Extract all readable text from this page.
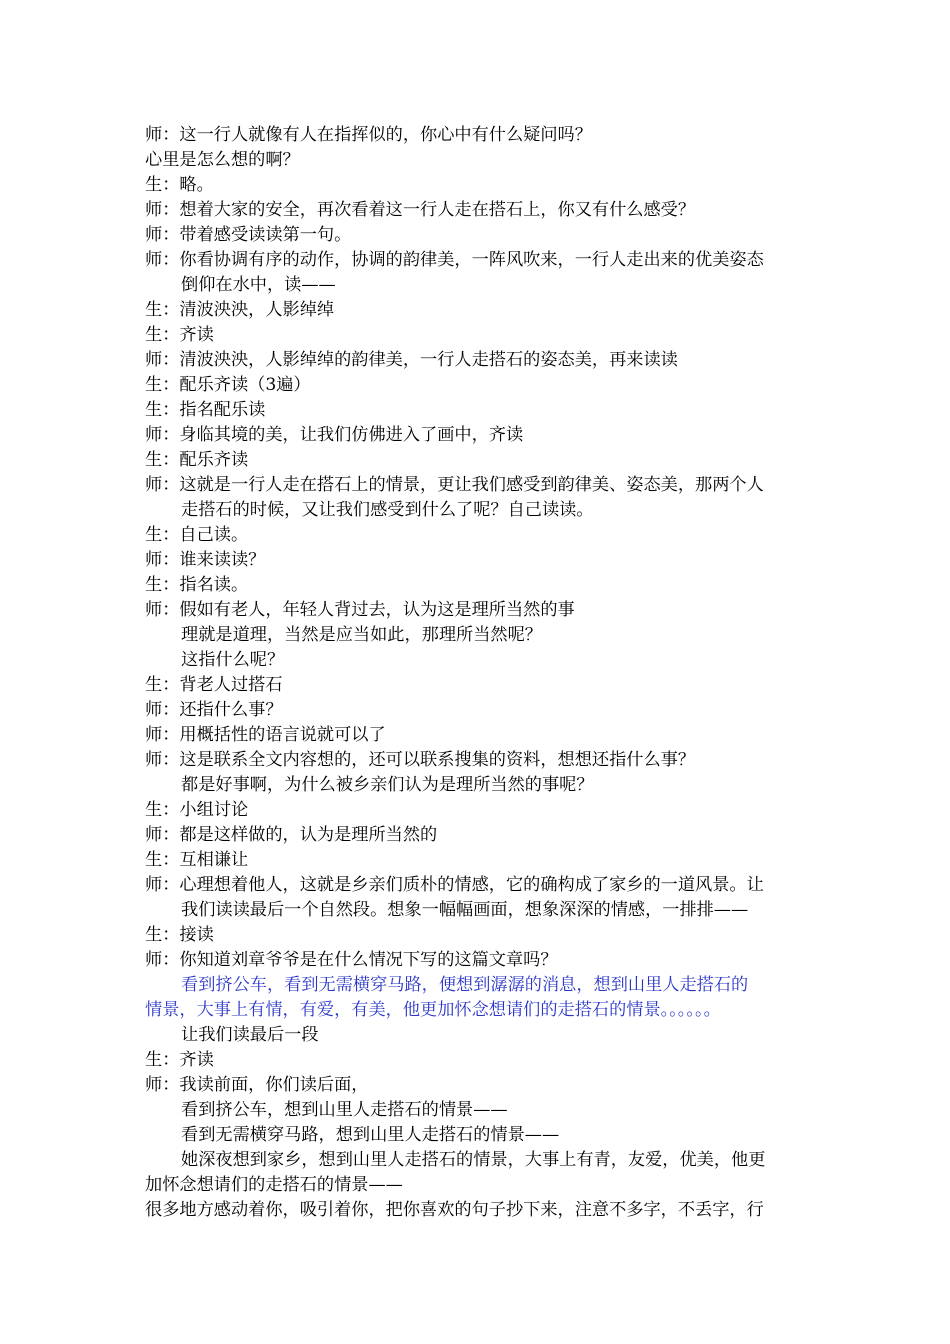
师：这一行人就像有人在指挥似的，你心中有什么疑问吗？
心里是怎么想的啊？
生：略。
师：想着大家的安全，再次看着这一行人走在搭石上，你又有什么感受？
师：带着感受读读第一句。
师：你看协调有序的动作，协调的韵律美，一阵风吹来，一行人走出来的优美姿态
倒仰在水中，读——
生：清波泱泱，人影绰绰
生：齐读
师：清波泱泱，人影绰绰的韵律美，一行人走搭石的姿态美，再来读读
生：配乐齐读（3遍）
生：指名配乐读
师：身临其境的美，让我们仿佛进入了画中，齐读
生：配乐齐读
师：这就是一行人走在搭石上的情景，更让我们感受到韵律美、姿态美，那两个人
走搭石的时候，又让我们感受到什么了呢？自己读读。
生：自己读。
师：谁来读读？
生：指名读。
师：假如有老人，年轻人背过去，认为这是理所当然的事
理就是道理，当然是应当如此，那理所当然呢？
这指什么呢？
生：背老人过搭石
师：还指什么事？
师：用概括性的语言说就可以了
师：这是联系全文内容想的，还可以联系搜集的资料，想想还指什么事？
都是好事啊，为什么被乡亲们认为是理所当然的事呢？
生：小组讨论
师：都是这样做的，认为是理所当然的
生：互相谦让
师：心理想着他人，这就是乡亲们质朴的情感，它的确构成了家乡的一道风景。让
我们读读最后一个自然段。想象一幅幅画面，想象深深的情感，一排排——
生：接读
师：你知道刘章爷爷是在什么情况下写的这篇文章吗？
看到挤公车，看到无需横穿马路，便想到潺潺的消息，想到山里人走搭石的
情景，大事上有情，有爱，有美，他更加怀念想请们的走搭石的情景。。。。。。
让我们读最后一段
生：齐读
师：我读前面，你们读后面，
看到挤公车，想到山里人走搭石的情景——
看到无需横穿马路，想到山里人走搭石的情景——
她深夜想到家乡，想到山里人走搭石的情景，大事上有青，友爱，优美，他更
加怀念想请们的走搭石的情景——
很多地方感动着你，吸引着你，把你喜欢的句子抄下来，注意不多字，不丢字，行
